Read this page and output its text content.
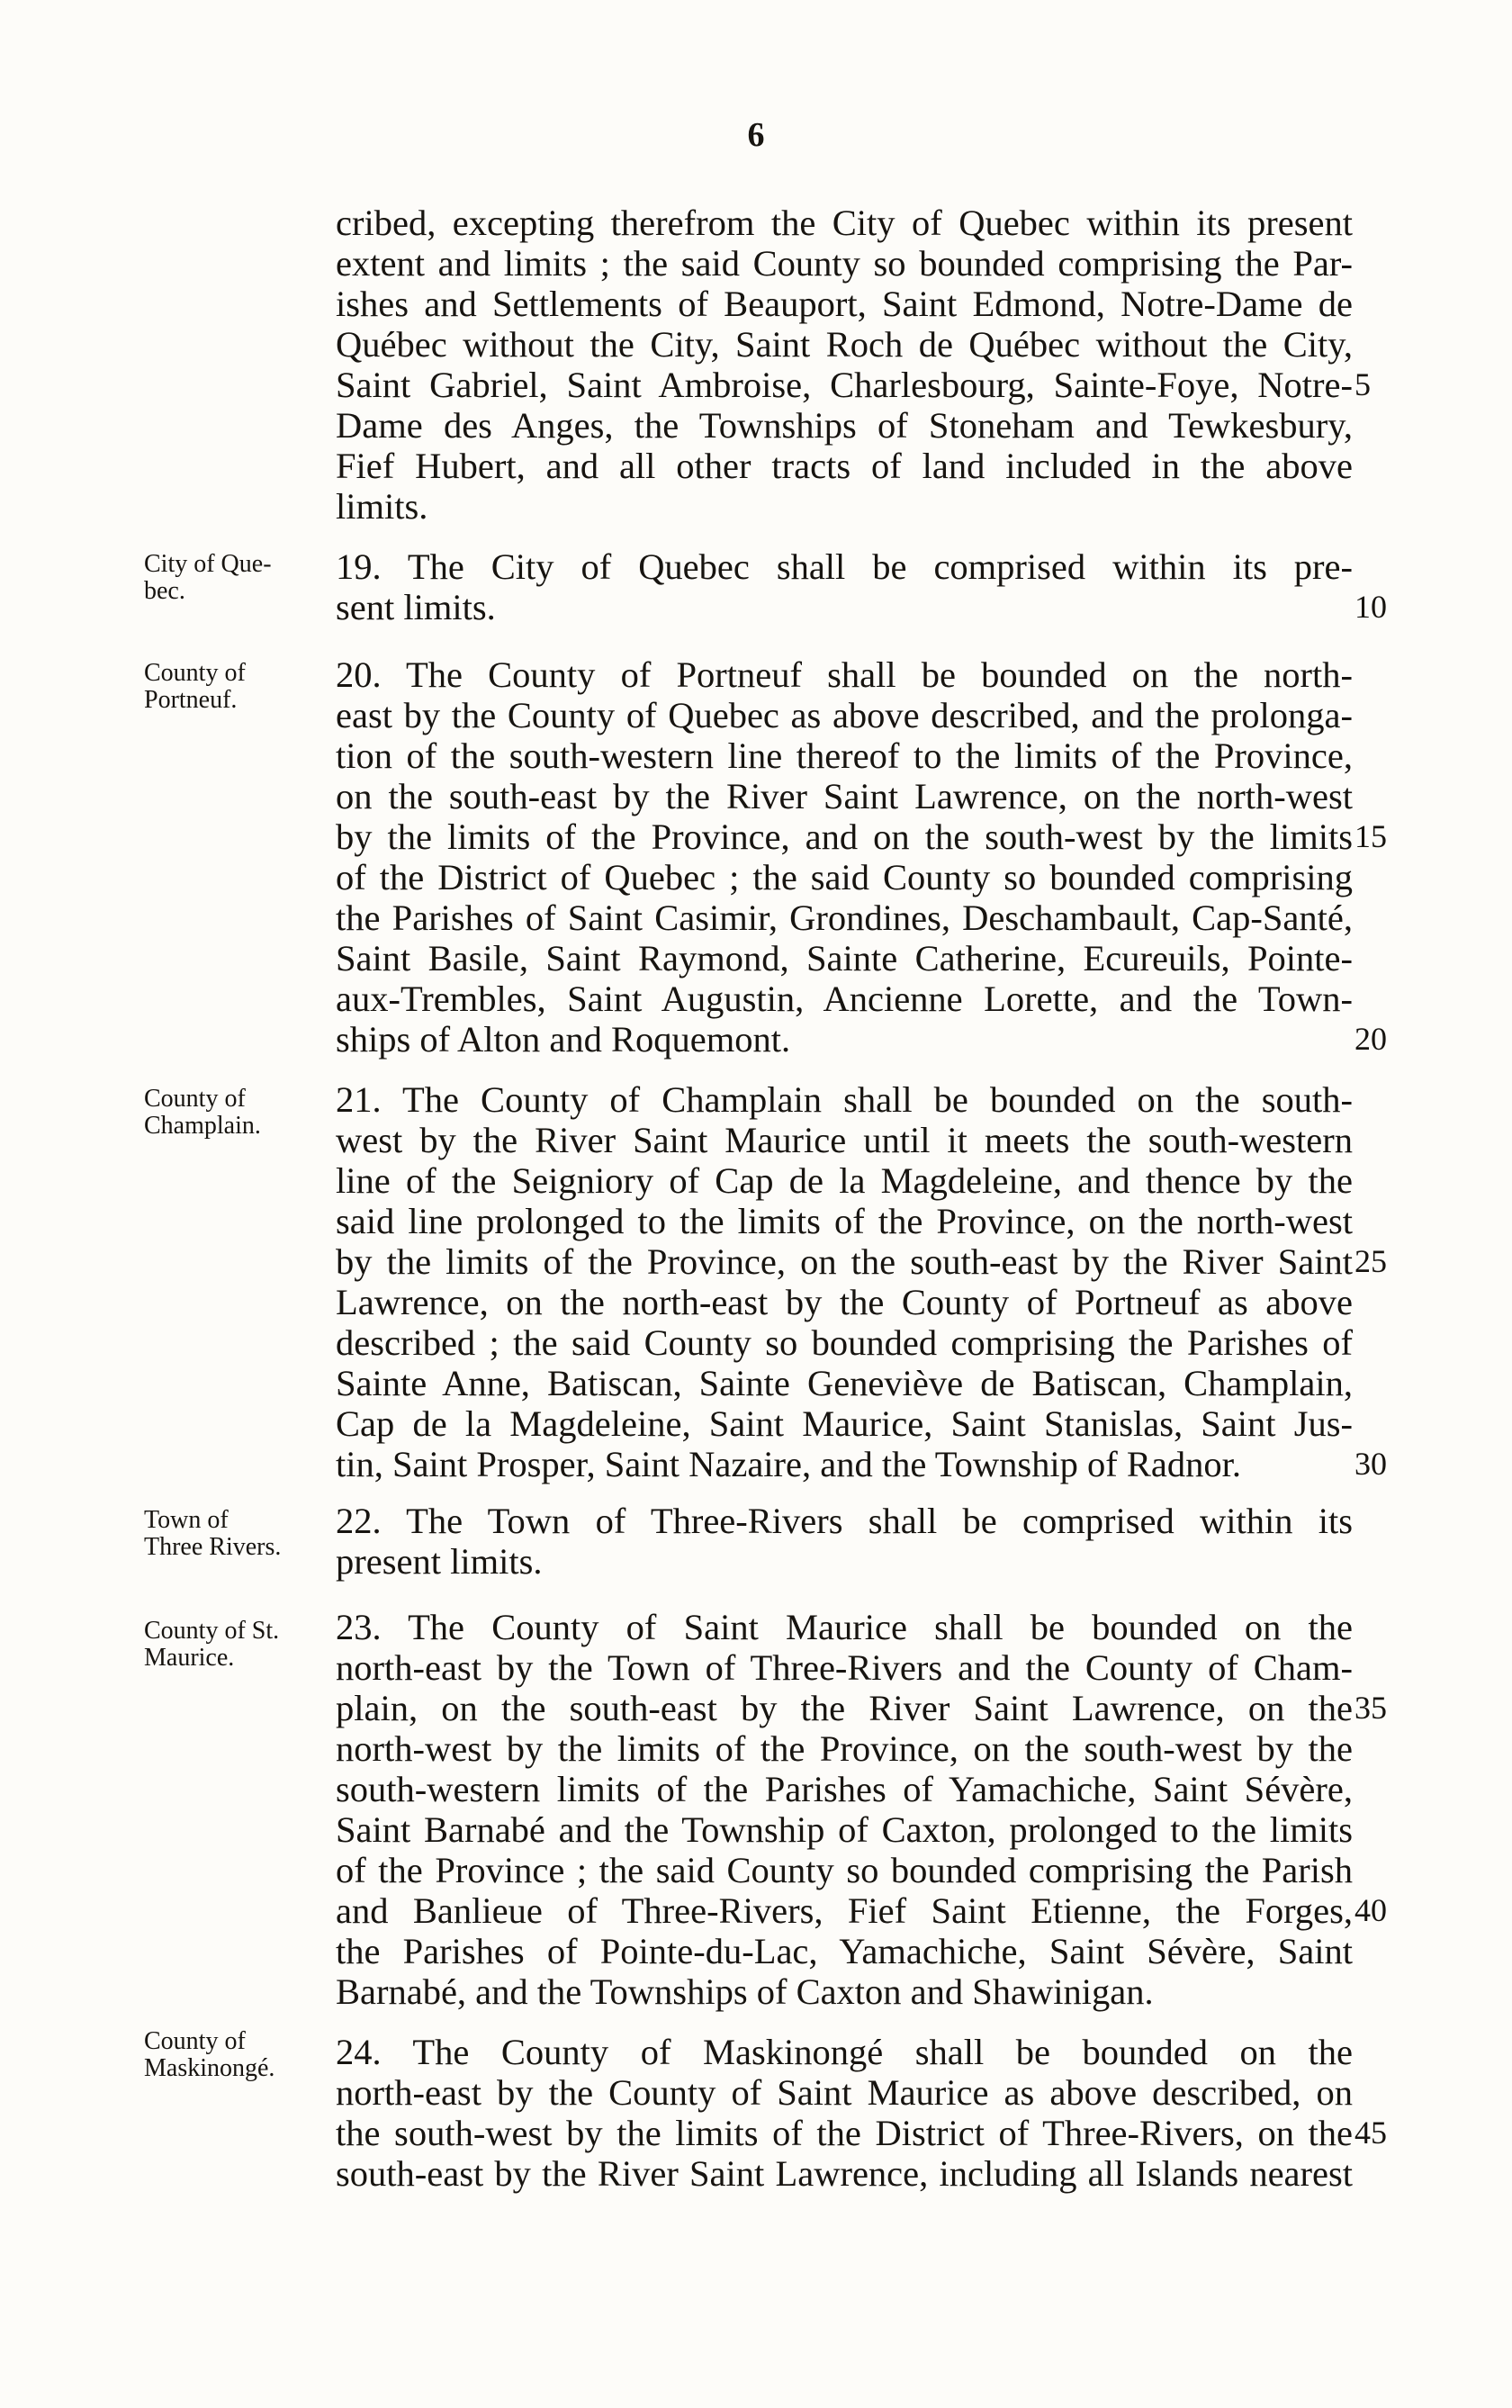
6
cribed, excepting therefrom the City of Quebec within its present
extent and limits ; the said County so bounded comprising the Par-
ishes and Settlements of Beauport, Saint Edmond, Notre-Dame de
Québec without the City, Saint Roch de Québec without the City,
Saint Gabriel, Saint Ambroise, Charlesbourg, Sainte-Foye, Notre-
Dame des Anges, the Townships of Stoneham and Tewkesbury,
Fief Hubert, and all other tracts of land included in the above
limits.
City of Que-
bec.
19. The City of Quebec shall be comprised within its pre-
sent limits.
County of
Portneuf.
20. The County of Portneuf shall be bounded on the north-
east by the County of Quebec as above described, and the prolonga-
tion of the south-western line thereof to the limits of the Province,
on the south-east by the River Saint Lawrence, on the north-west
by the limits of the Province, and on the south-west by the limits
of the District of Quebec ; the said County so bounded comprising
the Parishes of Saint Casimir, Grondines, Deschambault, Cap-Santé,
Saint Basile, Saint Raymond, Sainte Catherine, Ecureuils, Pointe-
aux-Trembles, Saint Augustin, Ancienne Lorette, and the Town-
ships of Alton and Roquemont.
County of
Champlain.
21. The County of Champlain shall be bounded on the south-
west by the River Saint Maurice until it meets the south-western
line of the Seigniory of Cap de la Magdeleine, and thence by the
said line prolonged to the limits of the Province, on the north-west
by the limits of the Province, on the south-east by the River Saint
Lawrence, on the north-east by the County of Portneuf as above
described ; the said County so bounded comprising the Parishes of
Sainte Anne, Batiscan, Sainte Geneviève de Batiscan, Champlain,
Cap de la Magdeleine, Saint Maurice, Saint Stanislas, Saint Jus-
tin, Saint Prosper, Saint Nazaire, and the Township of Radnor.
Town of
Three Rivers.
22. The Town of Three-Rivers shall be comprised within its
present limits.
County of St.
Maurice.
23. The County of Saint Maurice shall be bounded on the
north-east by the Town of Three-Rivers and the County of Cham-
plain, on the south-east by the River Saint Lawrence, on the
north-west by the limits of the Province, on the south-west by the
south-western limits of the Parishes of Yamachiche, Saint Sévère,
Saint Barnabé and the Township of Caxton, prolonged to the limits
of the Province ; the said County so bounded comprising the Parish
and Banlieue of Three-Rivers, Fief Saint Etienne, the Forges,
the Parishes of Pointe-du-Lac, Yamachiche, Saint Sévère, Saint
Barnabé, and the Townships of Caxton and Shawinigan.
County of
Maskinongé.	24. The County of Maskinongé shall be bounded on the
north-east by the County of Saint Maurice as above described, on
the south-west by the limits of the District of Three-Rivers, on the
south-east by the River Saint Lawrence, including all Islands nearest
5
10
15
20
25
30
35
40
45
